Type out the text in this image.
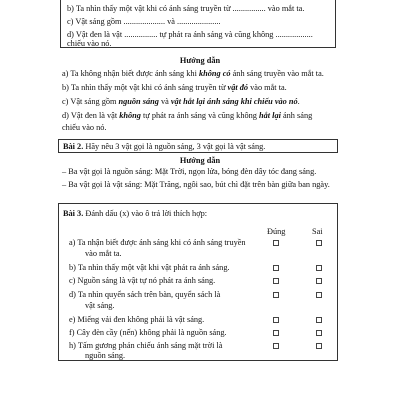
b) Ta nhìn thấy một vật khi có ánh sáng truyền từ ................ vào mắt ta.
c) Vật sáng gồm .................... và .....................
d) Vật đen là vật ................ tự phát ra ánh sáng và cũng không ..................
chiếu vào nó.
Hướng dẫn
a) Ta không nhận biết được ánh sáng khi không có ánh sáng truyền vào mắt ta.
b) Ta nhìn thấy một vật khi có ánh sáng truyền từ vật đó vào mắt ta.
c) Vật sáng gồm nguồn sáng và vật hắt lại ánh sáng khi chiếu vào nó.
d) Vật đen là vật không tự phát ra ánh sáng và cũng không hắt lại ánh sáng
chiếu vào nó.
Bài 2. Hãy nêu 3 vật gọi là nguồn sáng, 3 vật gọi là vật sáng.
Hướng dẫn
– Ba vật gọi là nguồn sáng: Mặt Trời, ngọn lửa, bóng đèn dây tóc đang sáng.
– Ba vật gọi là vật sáng: Mặt Trăng, ngôi sao, bút chì đặt trên bàn giữa ban ngày.
Bài 3. Đánh dấu (x) vào ô trả lời thích hợp:
Đúng	Sai
a) Ta nhận biết được ánh sáng khi có ánh sáng truyền
vào mắt ta.
b) Ta nhìn thấy một vật khi vật phát ra ánh sáng.
c) Nguồn sáng là vật tự nó phát ra ánh sáng.
d) Ta nhìn quyển sách trên bàn, quyển sách là
vật sáng.
e) Miếng vải đen không phải là vật sáng.
f) Cây đèn cầy (nến) không phải là nguồn sáng.
h) Tấm gương phản chiếu ánh sáng mặt trời là
nguồn sáng.
